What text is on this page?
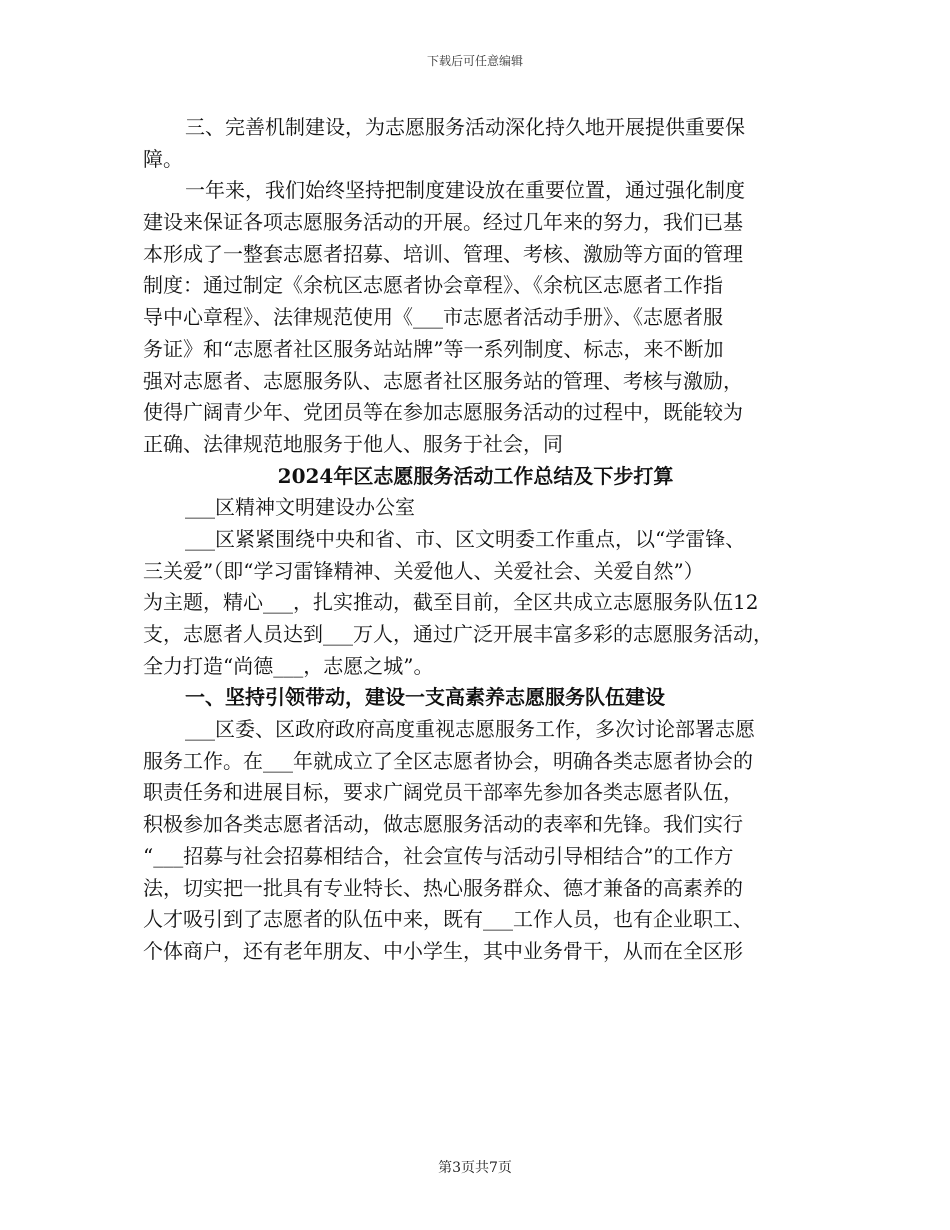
下载后可任意编辑
三、完善机制建设，为志愿服务活动深化持久地开展提供重要保
障。
一年来，我们始终坚持把制度建设放在重要位置，通过强化制度
建设来保证各项志愿服务活动的开展。经过几年来的努力，我们已基
本形成了一整套志愿者招募、培训、管理、考核、激励等方面的管理
制度：通过制定《余杭区志愿者协会章程》、《余杭区志愿者工作指
导中心章程》、法律规范使用《___市志愿者活动手册》、《志愿者服
务证》和“志愿者社区服务站站牌”等一系列制度、标志，来不断加
强对志愿者、志愿服务队、志愿者社区服务站的管理、考核与激励，
使得广阔青少年、党团员等在参加志愿服务活动的过程中，既能较为
正确、法律规范地服务于他人、服务于社会，同
2024年区志愿服务活动工作总结及下步打算
___区精神文明建设办公室
___区紧紧围绕中央和省、市、区文明委工作重点，以“学雷锋、
三关爱”（即“学习雷锋精神、关爱他人、关爱社会、关爱自然”）
为主题，精心___，扎实推动，截至目前，全区共成立志愿服务队伍12
支，志愿者人员达到___万人，通过广泛开展丰富多彩的志愿服务活动，
全力打造“尚德___，志愿之城”。
一、坚持引领带动，建设一支高素养志愿服务队伍建设
___区委、区政府政府高度重视志愿服务工作，多次讨论部署志愿
服务工作。在___年就成立了全区志愿者协会，明确各类志愿者协会的
职责任务和进展目标，要求广阔党员干部率先参加各类志愿者队伍，
积极参加各类志愿者活动，做志愿服务活动的表率和先锋。我们实行
“___招募与社会招募相结合，社会宣传与活动引导相结合”的工作方
法，切实把一批具有专业特长、热心服务群众、德才兼备的高素养的
人才吸引到了志愿者的队伍中来，既有___工作人员，也有企业职工、
个体商户，还有老年朋友、中小学生，其中业务骨干，从而在全区形
第3页共7页
